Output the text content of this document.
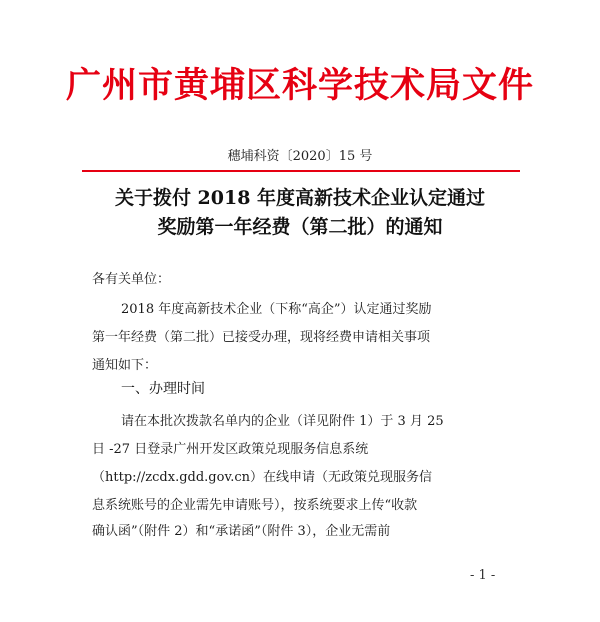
广州市黄埔区科学技术局文件
穗埔科资〔2020〕15 号
关于拨付 2018 年度高新技术企业认定通过
奖励第一年经费（第二批）的通知
各有关单位：
2018 年度高新技术企业（下称“高企”）认定通过奖励
第一年经费（第二批）已接受办理，现将经费申请相关事项
通知如下：
一、办理时间
请在本批次拨款名单内的企业（详见附件 1）于 3 月 25
日 -27 日登录广州开发区政策兑现服务信息系统
（http://zcdx.gdd.gov.cn）在线申请（无政策兑现服务信
息系统账号的企业需先申请账号），按系统要求上传“收款
确认函”（附件 2）和“承诺函”（附件 3），企业无需前
- 1 -
